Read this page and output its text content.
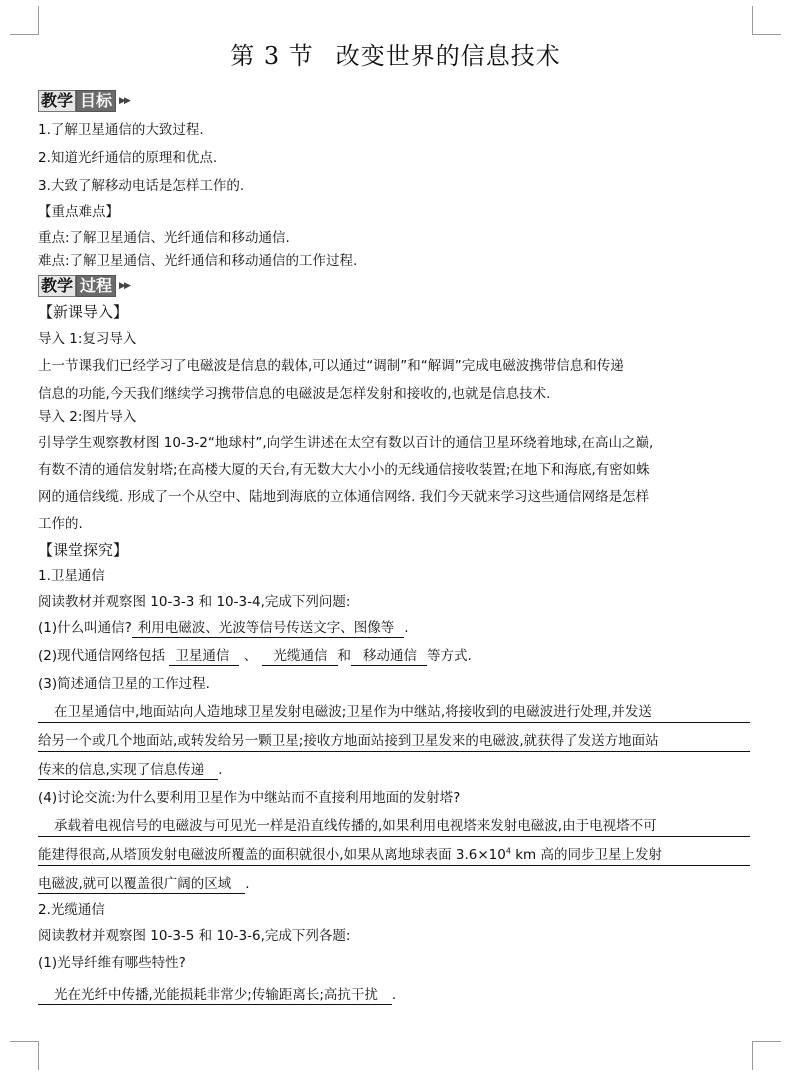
第 3 节 改变世界的信息技术
教学 目标 ▶▶
1.了解卫星通信的大致过程.
2.知道光纤通信的原理和优点.
3.大致了解移动电话是怎样工作的.
【重点难点】
重点:了解卫星通信、光纤通信和移动通信.
难点:了解卫星通信、光纤通信和移动通信的工作过程.
教学 过程 ▶▶
【新课导入】
导入 1:复习导入
上一节课我们已经学习了电磁波是信息的载体,可以通过“调制”和“解调”完成电磁波携带信息和传递
信息的功能,今天我们继续学习携带信息的电磁波是怎样发射和接收的,也就是信息技术.
导入 2:图片导入
引导学生观察教材图 10-3-2“地球村”,向学生讲述在太空有数以百计的通信卫星环绕着地球,在高山之巅,
有数不清的通信发射塔;在高楼大厦的天台,有无数大大小小的无线通信接收装置;在地下和海底,有密如蛛
网的通信线缆. 形成了一个从空中、陆地到海底的立体通信网络. 我们今天就来学习这些通信网络是怎样
工作的.
【课堂探究】
1.卫星通信
阅读教材并观察图 10-3-3 和 10-3-4,完成下列问题:
(1)什么叫通信? 利用电磁波、光波等信号传送文字、图像等 .
(2)现代通信网络包括 卫星通信 、 光缆通信 和 移动通信 等方式.
(3)简述通信卫星的工作过程.
在卫星通信中,地面站向人造地球卫星发射电磁波;卫星作为中继站,将接收到的电磁波进行处理,并发送
给另一个或几个地面站,或转发给另一颗卫星;接收方地面站接到卫星发来的电磁波,就获得了发送方地面站
传来的信息,实现了信息传递 .
(4)讨论交流:为什么要利用卫星作为中继站而不直接利用地面的发射塔?
承载着电视信号的电磁波与可见光一样是沿直线传播的,如果利用电视塔来发射电磁波,由于电视塔不可
能建得很高,从塔顶发射电磁波所覆盖的面积就很小,如果从离地球表面 $3.6\times 10^4$ km 高的同步卫星上发射
电磁波,就可以覆盖很广阔的区域 .
2.光缆通信
阅读教材并观察图 10-3-5 和 10-3-6,完成下列各题:
(1)光导纤维有哪些特性?
光在光纤中传播,光能损耗非常少;传输距离长;高抗干扰 .
